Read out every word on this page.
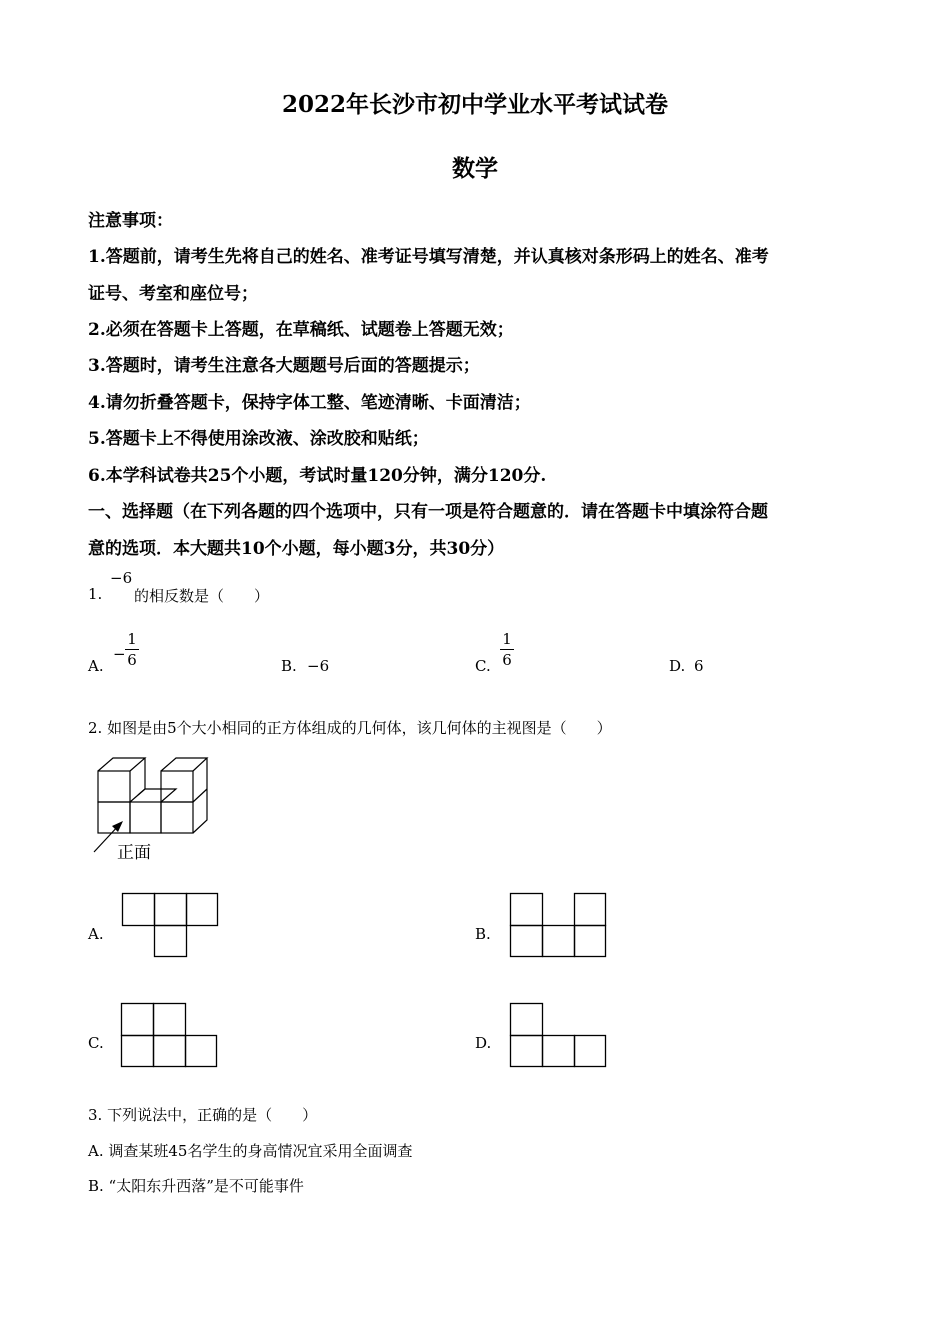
2022年长沙市初中学业水平考试试卷
数学
注意事项：
1.答题前，请考生先将自己的姓名、准考证号填写清楚，并认真核对条形码上的姓名、准考
证号、考室和座位号；
2.必须在答题卡上答题，在草稿纸、试题卷上答题无效；
3.答题时，请考生注意各大题题号后面的答题提示；
4.请勿折叠答题卡，保持字体工整、笔迹清晰、卡面清洁；
5.答题卡上不得使用涂改液、涂改胶和贴纸；
6.本学科试卷共25个小题，考试时量120分钟，满分120分.
一、选择题（在下列各题的四个选项中，只有一项是符合题意的．请在答题卡中填涂符合题
意的选项．本大题共10个小题，每小题3分，共30分）
1.
−6
的相反数是（　　）
A.
−
1
6	B. −6	C.
1
6	D. 6
2. 如图是由5个大小相同的正方体组成的几何体，该几何体的主视图是（　　）
正面
A.	B.
C.	D.
3. 下列说法中，正确的是（　　）
A. 调查某班45名学生的身高情况宜采用全面调查
B. “太阳东升西落”是不可能事件
